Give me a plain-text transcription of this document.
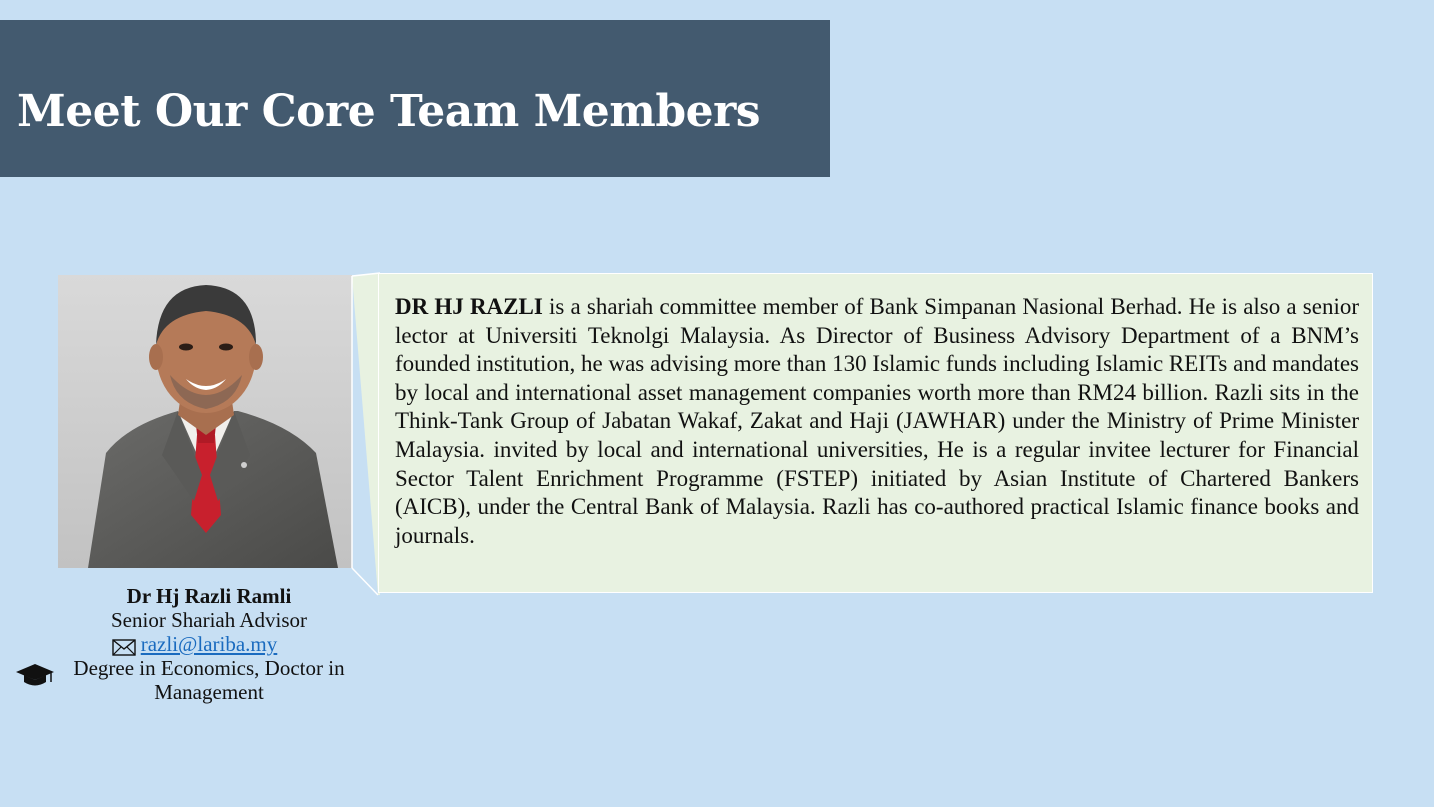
Meet Our Core Team Members

DR HJ RAZLI is a shariah committee member of Bank Simpanan Nasional Berhad. He is also a senior lector at Universiti Teknolgi Malaysia. As Director of Business Advisory Department of a BNM’s founded institution, he was advising more than 130 Islamic funds including Islamic REITs and mandates by local and international asset management companies worth more than RM24 billion. Razli sits in the Think-Tank Group of Jabatan Wakaf, Zakat and Haji (JAWHAR) under the Ministry of Prime Minister Malaysia. invited by local and international universities, He is a regular invitee lecturer for Financial Sector Talent Enrichment Programme (FSTEP) initiated by Asian Institute of Chartered Bankers (AICB), under the Central Bank of Malaysia. Razli has co-authored practical Islamic finance books and journals.

Dr Hj Razli Ramli
Senior Shariah Advisor
razli@lariba.my
Degree in Economics, Doctor in Management
